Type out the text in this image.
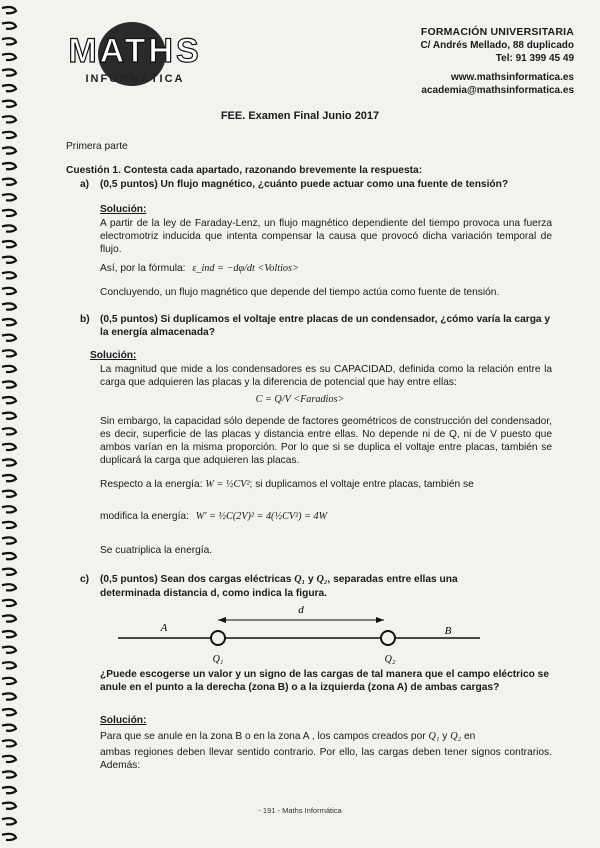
MATHS
INFORMÁTICA
FORMACIÓN UNIVERSITARIA
C/ Andrés Mellado, 88 duplicado
Tel: 91 399 45 49
www.mathsinformatica.es
academia@mathsinformatica.es
FEE. Examen Final Junio 2017
Primera parte
Cuestión 1. Contesta cada apartado, razonando brevemente la respuesta:
a) (0,5 puntos) Un flujo magnético, ¿cuánto puede actuar como una fuente de tensión?
Solución:
A partir de la ley de Faraday-Lenz, un flujo magnético dependiente del tiempo provoca una fuerza electromotriz inducida que intenta compensar la causa que provocó dicha variación temporal de flujo.
Así, por la fórmula: ε_ind = −dφ/dt <Voltios>
Concluyendo, un flujo magnético que depende del tiempo actúa como fuente de tensión.
b) (0,5 puntos) Si duplicamos el voltaje entre placas de un condensador, ¿cómo varía la carga y la energía almacenada?
Solución:
La magnitud que mide a los condensadores es su CAPACIDAD, definida como la relación entre la carga que adquieren las placas y la diferencia de potencial que hay entre ellas:
C = Q/V <Faradios>
Sin embargo, la capacidad sólo depende de factores geométricos de construcción del condensador, es decir, superficie de las placas y distancia entre ellas. No depende ni de Q, ni de V puesto que ambos varían en la misma proporción. Por lo que si se duplica el voltaje entre placas, también se duplicará la carga que adquieren las placas.
Respecto a la energía: W = ½CV²; si duplicamos el voltaje entre placas, también se
modifica la energía: W' = ½C(2V)² = 4(½CV²) = 4W
Se cuatriplica la energía.
c) (0,5 puntos) Sean dos cargas eléctricas Q₁ y Q₂, separadas entre ellas una
determinada distancia d, como indica la figura.
d
A	B
Q₁	Q₂
¿Puede escogerse un valor y un signo de las cargas de tal manera que el campo eléctrico se anule en el punto a la derecha (zona B) o a la izquierda (zona A) de ambas cargas?
Solución:
Para que se anule en la zona B o en la zona A , los campos creados por Q₁ y Q₂ en
ambas regiones deben llevar sentido contrario. Por ello, las cargas deben tener signos contrarios. Además:
- 191 - Maths Informática
